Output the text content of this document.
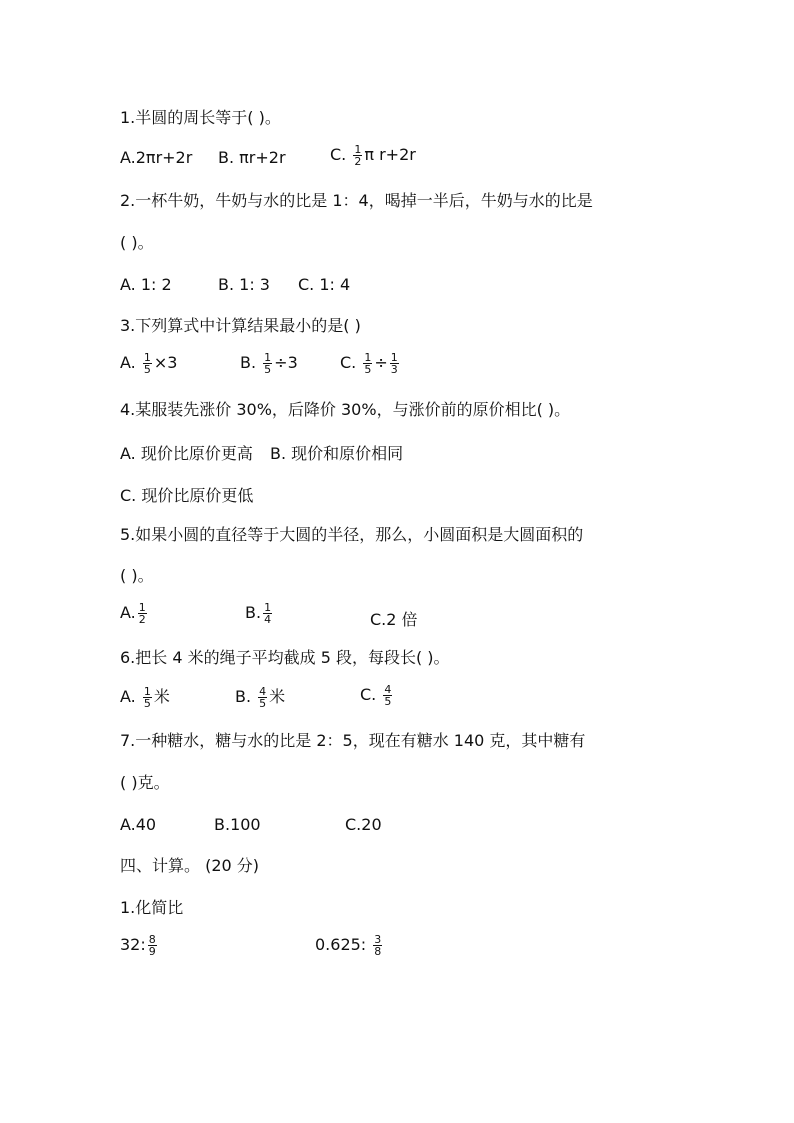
1.半圆的周长等于( )。
A.2πr+2r B. πr+2r	C. $\frac{1}{2}$ π r+2r
2.一杯牛奶，牛奶与水的比是 1：4，喝掉一半后，牛奶与水的比是
( )。
A. 1: 2	B. 1: 3 C. 1: 4
3.下列算式中计算结果最小的是( )
A. $\frac{1}{5} \times 3$	B. $\frac{1}{5} \div 3$	C. $\frac{1}{5} \div \frac{1}{3}$
4.某服装先涨价 30%，后降价 30%，与涨价前的原价相比( )。
A. 现价比原价更高 B. 现价和原价相同
C. 现价比原价更低
5.如果小圆的直径等于大圆的半径，那么，小圆面积是大圆面积的
( )。
A. $\frac{1}{2}$	B. $\frac{1}{4}$	C.2 倍
6.把长 4 米的绳子平均截成 5 段，每段长( )。
A. $\frac{1}{5}$ 米	B. $\frac{4}{5}$ 米	C. $\frac{4}{5}$
7.一种糖水，糖与水的比是 2：5，现在有糖水 140 克，其中糖有
( )克。
A.40	B.100	C.20
四、计算。 (20 分)
1.化简比
32: $\frac{8}{9}$	0.625: $\frac{3}{8}$
